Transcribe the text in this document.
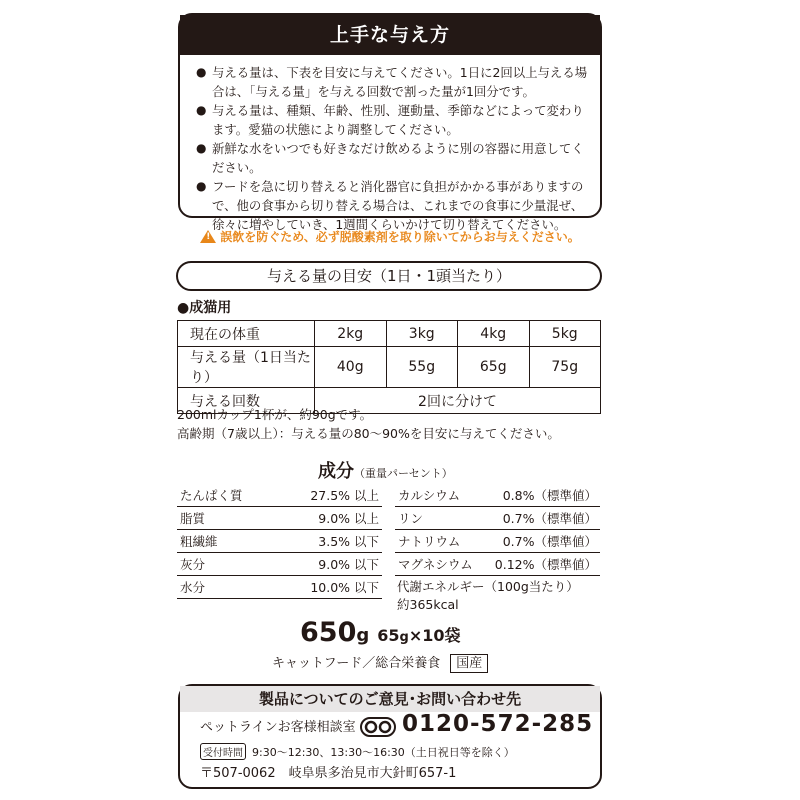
上手な与え方
● 与える量は、下表を目安に与えてください。1日に2回以上与える場合は、「与える量」を与える回数で割った量が1回分です。
● 与える量は、種類、年齢、性別、運動量、季節などによって変わります。愛猫の状態により調整してください。
● 新鮮な水をいつでも好きなだけ飲めるように別の容器に用意してください。
● フードを急に切り替えると消化器官に負担がかかる事がありますので、他の食事から切り替える場合は、これまでの食事に少量混ぜ、徐々に増やしていき、1週間くらいかけて切り替えてください。
! 誤飲を防ぐため、必ず脱酸素剤を取り除いてからお与えください。
与える量の目安（1日・1頭当たり）
●成猫用
現在の体重	2kg	3kg	4kg	5kg
与える量（1日当たり）	40g	55g	65g	75g
与える回数	2回に分けて			
200mlカップ1杯が、約90gです。
高齢期（7歳以上）：与える量の80～90%を目安に与えてください。
成分（重量パーセント）
たんぱく質	27.5% 以上
脂質	9.0% 以上
粗繊維	3.5% 以下
灰分	9.0% 以下
水分	10.0% 以下
カルシウム	0.8%（標準値）
リン	0.7%（標準値）
ナトリウム	0.7%（標準値）
マグネシウム	0.12%（標準値）
代謝エネルギー（100g当たり）
約365kcal
650g 65g×10袋
キャットフード／総合栄養食 国産
製品についてのご意見･お問い合わせ先
ペットラインお客様相談室 0120-572-285
受付時間 9:30～12:30、13:30～16:30（土日祝日等を除く）
〒507-0062　岐阜県多治見市大針町657-1
